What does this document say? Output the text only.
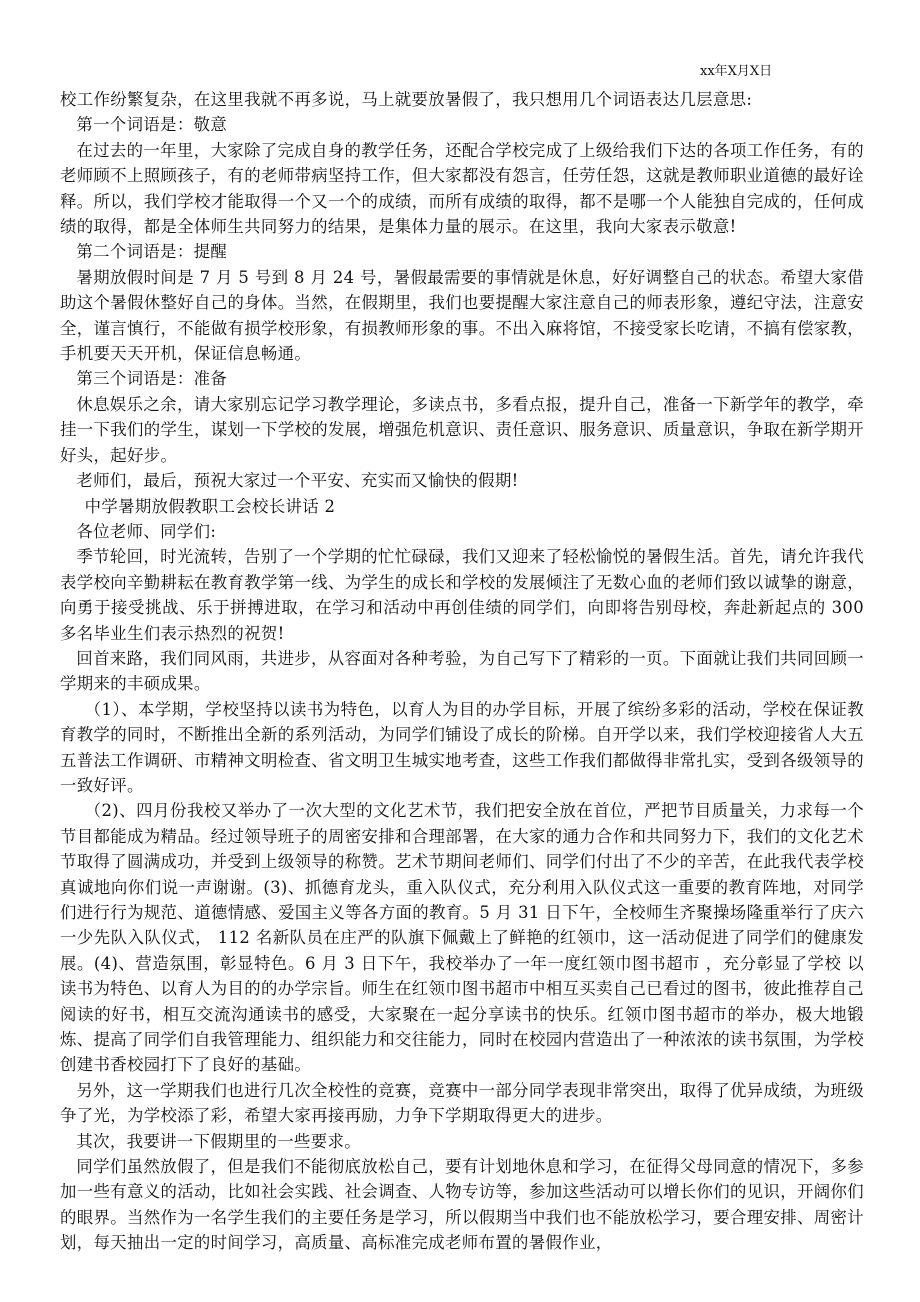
xx年X月X日

校工作纷繁复杂，在这里我就不再多说，马上就要放暑假了，我只想用几个词语表达几层意思:

第一个词语是：敬意

在过去的一年里，大家除了完成自身的教学任务，还配合学校完成了上级给我们下达的各项工作任务，有的老师顾不上照顾孩子，有的老师带病坚持工作，但大家都没有怨言，任劳任怨，这就是教师职业道德的最好诠释。所以，我们学校才能取得一个又一个的成绩，而所有成绩的取得，都不是哪一个人能独自完成的，任何成绩的取得，都是全体师生共同努力的结果，是集体力量的展示。在这里，我向大家表示敬意!

第二个词语是：提醒

暑期放假时间是 7 月 5 号到 8 月 24 号，暑假最需要的事情就是休息，好好调整自己的状态。希望大家借助这个暑假休整好自己的身体。当然，在假期里，我们也要提醒大家注意自己的师表形象，遵纪守法，注意安全，谨言慎行，不能做有损学校形象，有损教师形象的事。不出入麻将馆，不接受家长吃请，不搞有偿家教，手机要天天开机，保证信息畅通。

第三个词语是：准备

休息娱乐之余，请大家别忘记学习教学理论，多读点书，多看点报，提升自己，准备一下新学年的教学，牵挂一下我们的学生，谋划一下学校的发展，增强危机意识、责任意识、服务意识、质量意识，争取在新学期开好头，起好步。

老师们，最后，预祝大家过一个平安、充实而又愉快的假期!

中学暑期放假教职工会校长讲话 2

各位老师、同学们:

季节轮回，时光流转，告别了一个学期的忙忙碌碌，我们又迎来了轻松愉悦的暑假生活。首先，请允许我代表学校向辛勤耕耘在教育教学第一线、为学生的成长和学校的发展倾注了无数心血的老师们致以诚挚的谢意，向勇于接受挑战、乐于拼搏进取，在学习和活动中再创佳绩的同学们，向即将告别母校，奔赴新起点的 300 多名毕业生们表示热烈的祝贺!

回首来路，我们同风雨，共进步，从容面对各种考验，为自己写下了精彩的一页。下面就让我们共同回顾一学期来的丰硕成果。

（1）、本学期，学校坚持以读书为特色，以育人为目的办学目标，开展了缤纷多彩的活动，学校在保证教育教学的同时，不断推出全新的系列活动，为同学们铺设了成长的阶梯。自开学以来，我们学校迎接省人大五五普法工作调研、市精神文明检查、省文明卫生城实地考查，这些工作我们都做得非常扎实，受到各级领导的一致好评。

（2)、四月份我校又举办了一次大型的文化艺术节，我们把安全放在首位，严把节目质量关，力求每一个节目都能成为精品。经过领导班子的周密安排和合理部署，在大家的通力合作和共同努力下，我们的文化艺术节取得了圆满成功，并受到上级领导的称赞。艺术节期间老师们、同学们付出了不少的辛苦，在此我代表学校真诚地向你们说一声谢谢。(3)、抓德育龙头，重入队仪式，充分利用入队仪式这一重要的教育阵地，对同学们进行行为规范、道德情感、爱国主义等各方面的教育。5 月 31 日下午，全校师生齐聚操场隆重举行了庆六一少先队入队仪式， 112 名新队员在庄严的队旗下佩戴上了鲜艳的红领巾，这一活动促进了同学们的健康发展。(4)、营造氛围，彰显特色。6 月 3 日下午，我校举办了一年一度红领巾图书超市 ，充分彰显了学校 以读书为特色、以育人为目的的办学宗旨。师生在红领巾图书超市中相互买卖自己已看过的图书，彼此推荐自己阅读的好书，相互交流沟通读书的感受，大家聚在一起分享读书的快乐。红领巾图书超市的举办，极大地锻炼、提高了同学们自我管理能力、组织能力和交往能力，同时在校园内营造出了一种浓浓的读书氛围，为学校创建书香校园打下了良好的基础。

另外，这一学期我们也进行几次全校性的竞赛，竞赛中一部分同学表现非常突出，取得了优异成绩，为班级争了光，为学校添了彩，希望大家再接再励，力争下学期取得更大的进步。

其次，我要讲一下假期里的一些要求。

同学们虽然放假了，但是我们不能彻底放松自己，要有计划地休息和学习，在征得父母同意的情况下，多参加一些有意义的活动，比如社会实践、社会调查、人物专访等，参加这些活动可以增长你们的见识，开阔你们的眼界。当然作为一名学生我们的主要任务是学习，所以假期当中我们也不能放松学习，要合理安排、周密计划，每天抽出一定的时间学习，高质量、高标准完成老师布置的暑假作业，
